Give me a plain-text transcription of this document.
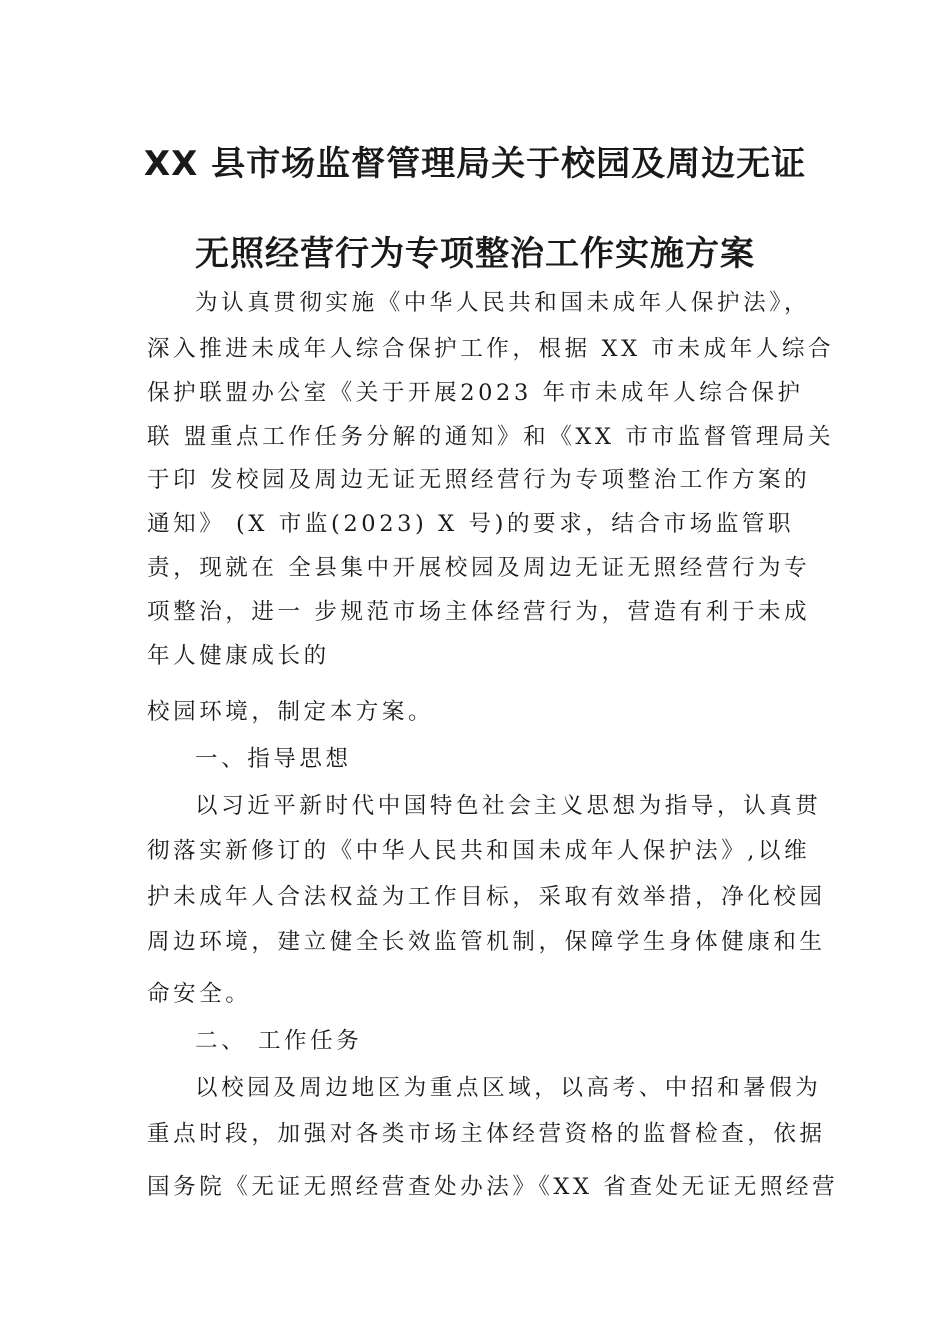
XX 县市场监督管理局关于校园及周边无证
无照经营行为专项整治工作实施方案
为认真贯彻实施《中华人民共和国未成年人保护法》，
深入推进未成年人综合保护工作，根据 XX 市未成年人综合
保护联盟办公室《关于开展2023 年市未成年人综合保护
联 盟重点工作任务分解的通知》和《XX 市市监督管理局关
于印 发校园及周边无证无照经营行为专项整治工作方案的
通知》 (X 市监(2023) X 号)的要求，结合市场监管职
责，现就在 全县集中开展校园及周边无证无照经营行为专
项整治，进一 步规范市场主体经营行为，营造有利于未成
年人健康成长的
校园环境，制定本方案。
一、指导思想
以习近平新时代中国特色社会主义思想为指导，认真贯
彻落实新修订的《中华人民共和国未成年人保护法》,以维
护未成年人合法权益为工作目标，采取有效举措，净化校园
周边环境，建立健全长效监管机制，保障学生身体健康和生
命安全。
二、 工作任务
以校园及周边地区为重点区域，以高考、中招和暑假为
重点时段，加强对各类市场主体经营资格的监督检查，依据
国务院《无证无照经营查处办法》《XX 省查处无证无照经营
